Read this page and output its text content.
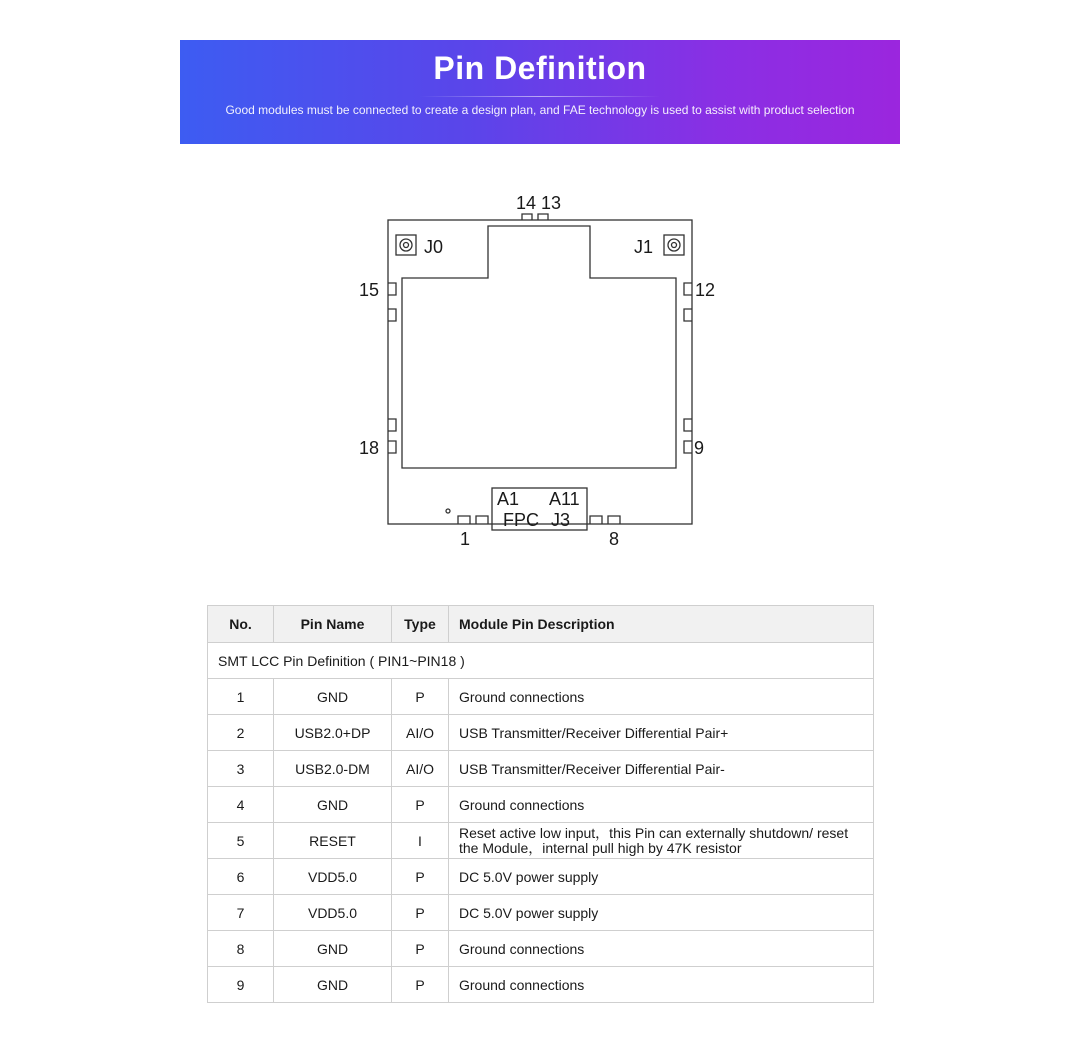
Pin Definition
Good modules must be connected to create a design plan, and FAE technology is used to assist with product selection
14 13
J0	J1
15	12
18	9
A1 A11
FPC J3
1	8
No.	Pin Name	Type	Module Pin Description
SMT LCC Pin Definition ( PIN1~PIN18 )			
1	GND	P	Ground connections
2	USB2.0+DP	AI/O	USB Transmitter/Receiver Differential Pair+
3	USB2.0-DM	AI/O	USB Transmitter/Receiver Differential Pair-
4	GND	P	Ground connections
5	RESET	I	Reset active low input，this Pin can externally shutdown/ reset the Module，internal pull high by 47K resistor
6	VDD5.0	P	DC 5.0V power supply
7	VDD5.0	P	DC 5.0V power supply
8	GND	P	Ground connections
9	GND	P	Ground connections
